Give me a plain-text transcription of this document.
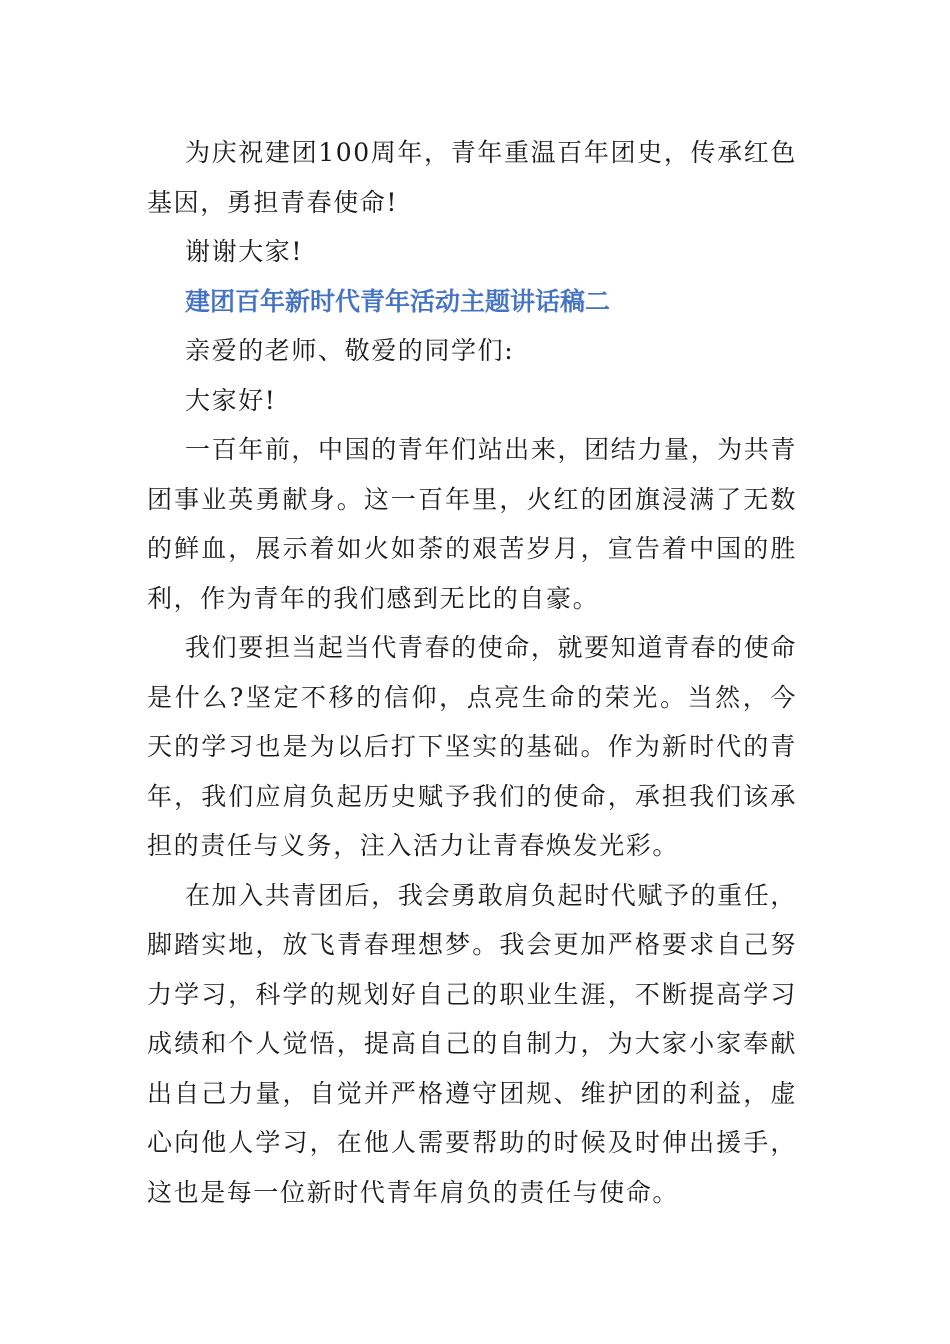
为庆祝建团100周年，青年重温百年团史，传承红色基因，勇担青春使命!

谢谢大家!

建团百年新时代青年活动主题讲话稿二

亲爱的老师、敬爱的同学们:

大家好!

一百年前，中国的青年们站出来，团结力量，为共青团事业英勇献身。这一百年里，火红的团旗浸满了无数的鲜血，展示着如火如荼的艰苦岁月，宣告着中国的胜利，作为青年的我们感到无比的自豪。

我们要担当起当代青春的使命，就要知道青春的使命是什么?坚定不移的信仰，点亮生命的荣光。当然，今天的学习也是为以后打下坚实的基础。作为新时代的青年，我们应肩负起历史赋予我们的使命，承担我们该承担的责任与义务，注入活力让青春焕发光彩。

在加入共青团后，我会勇敢肩负起时代赋予的重任，脚踏实地，放飞青春理想梦。我会更加严格要求自己努力学习，科学的规划好自己的职业生涯，不断提高学习成绩和个人觉悟，提高自己的自制力，为大家小家奉献出自己力量，自觉并严格遵守团规、维护团的利益，虚心向他人学习，在他人需要帮助的时候及时伸出援手，这也是每一位新时代青年肩负的责任与使命。
